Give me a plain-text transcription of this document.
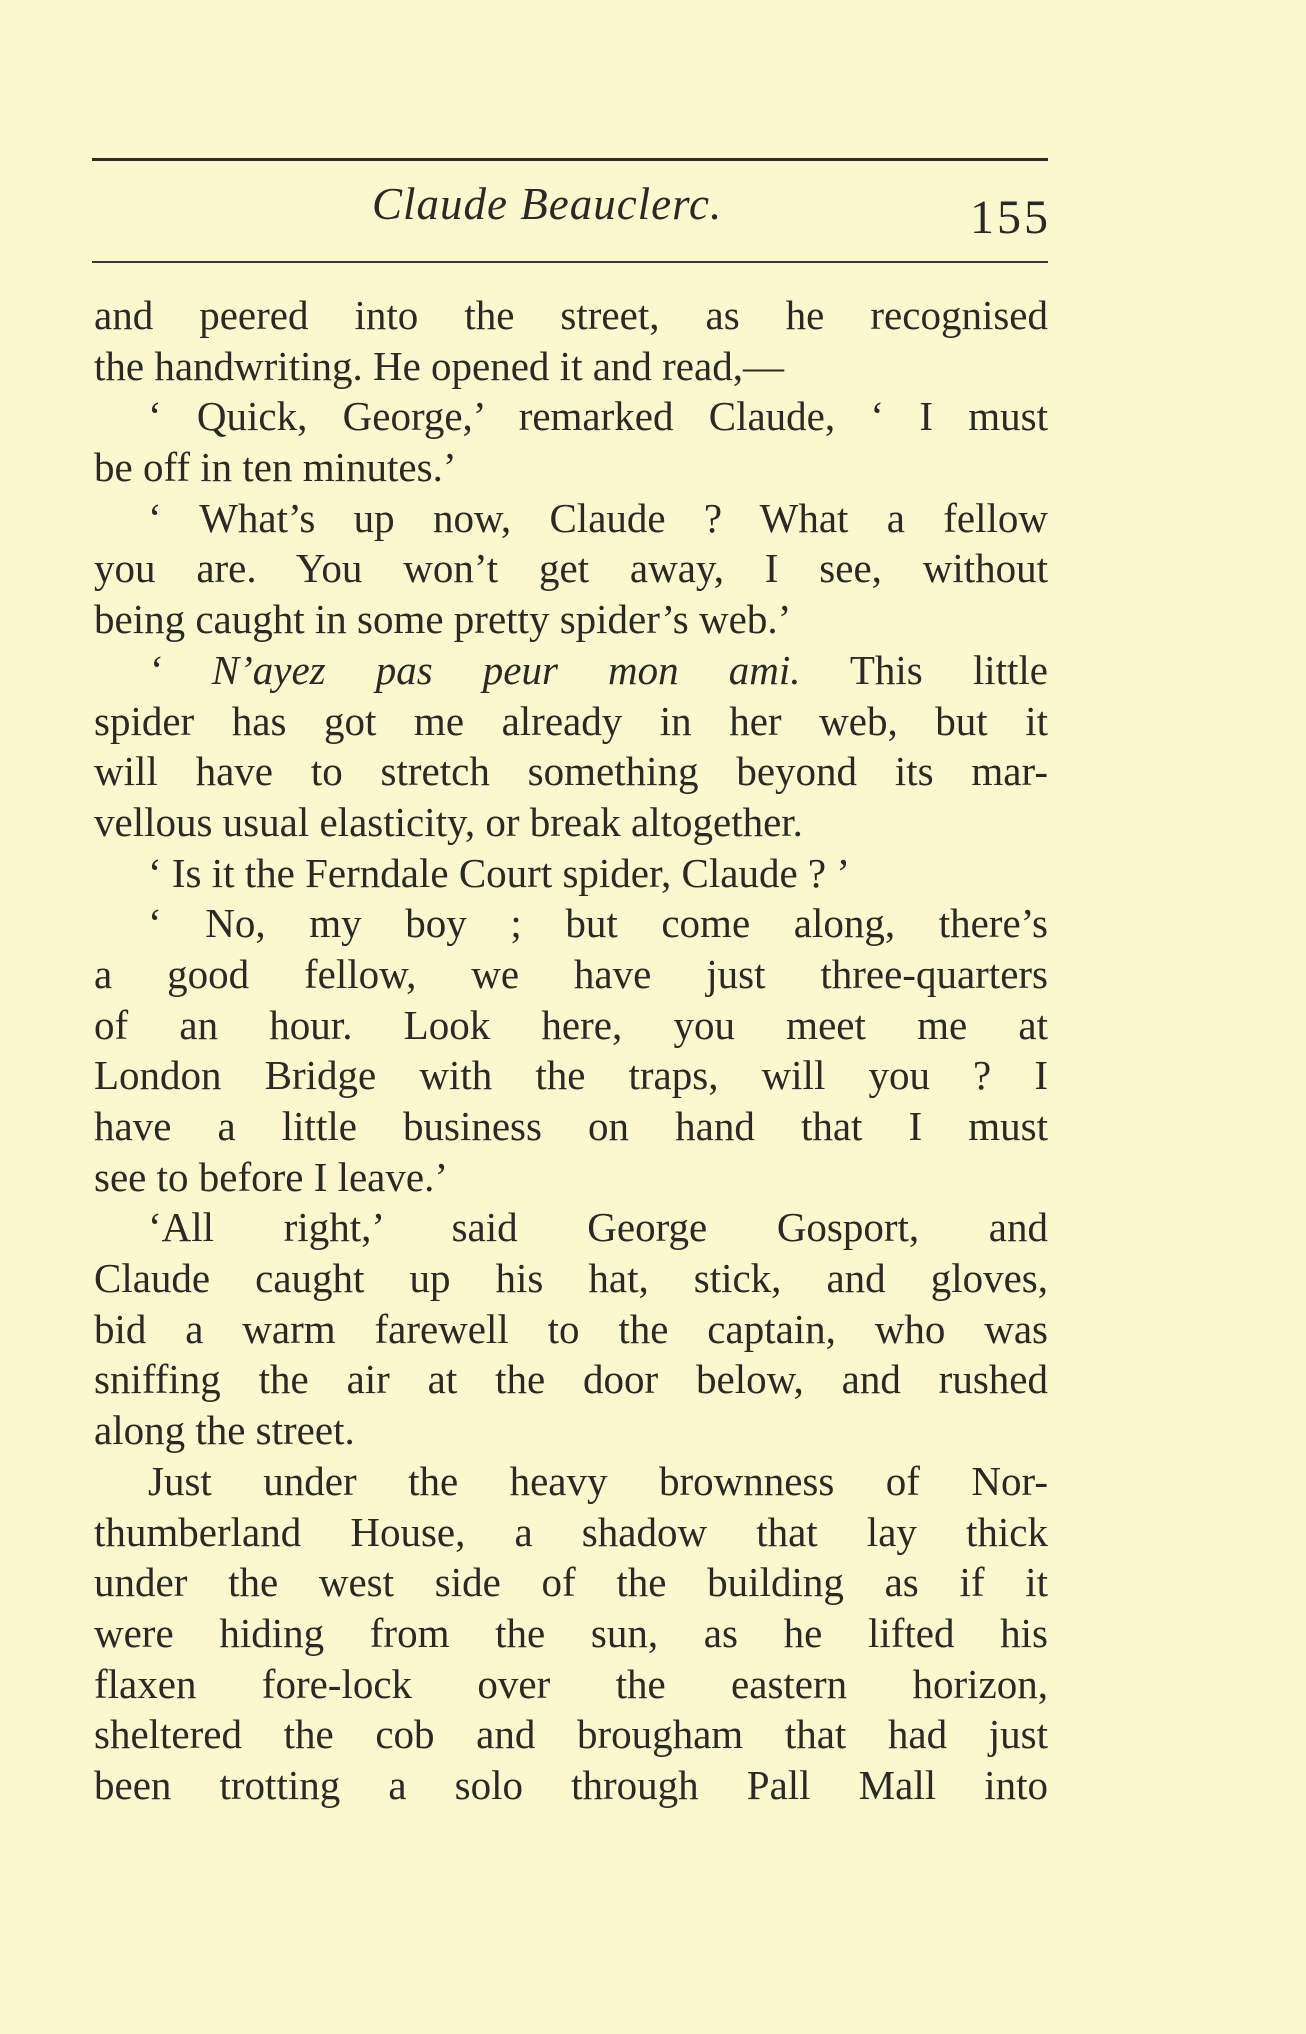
Claude Beauclerc.	155
and peered into the street, as he recognised
the handwriting. He opened it and read,—
‘ Quick, George,’ remarked Claude, ‘ I must
be off in ten minutes.’
‘ What’s up now, Claude ? What a fellow
you are. You won’t get away, I see, without
being caught in some pretty spider’s web.’
‘ N’ayez pas peur mon ami. This little
spider has got me already in her web, but it
will have to stretch something beyond its mar-
vellous usual elasticity, or break altogether.
‘ Is it the Ferndale Court spider, Claude ? ’
‘ No, my boy ; but come along, there’s
a good fellow, we have just three-quarters
of an hour. Look here, you meet me at
London Bridge with the traps, will you ? I
have a little business on hand that I must
see to before I leave.’
‘All right,’ said George Gosport, and
Claude caught up his hat, stick, and gloves,
bid a warm farewell to the captain, who was
sniffing the air at the door below, and rushed
along the street.
Just under the heavy brownness of Nor-
thumberland House, a shadow that lay thick
under the west side of the building as if it
were hiding from the sun, as he lifted his
flaxen fore-lock over the eastern horizon,
sheltered the cob and brougham that had just
been trotting a solo through Pall Mall into
